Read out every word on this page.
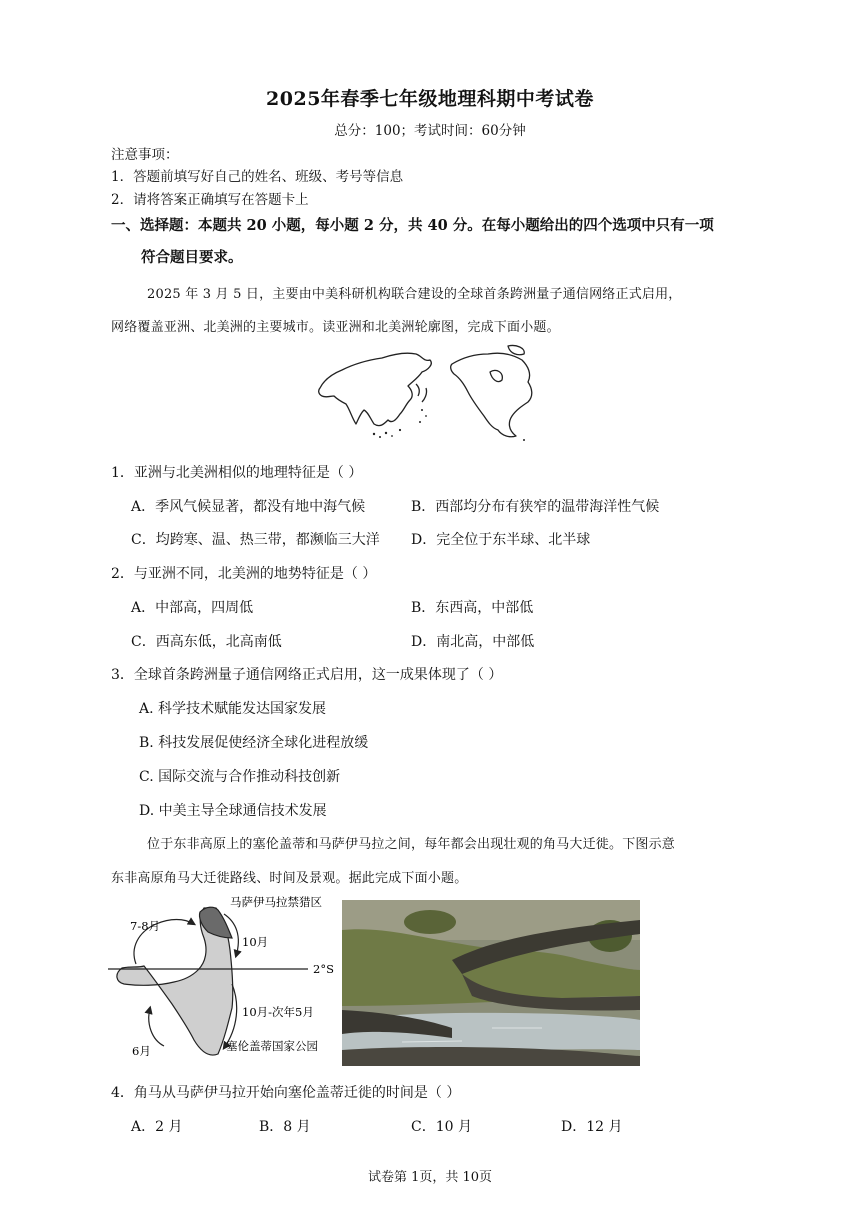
2025年春季七年级地理科期中考试卷
总分：100；考试时间：60分钟
注意事项：
1．答题前填写好自己的姓名、班级、考号等信息
2．请将答案正确填写在答题卡上
一、选择题：本题共 20 小题，每小题 2 分，共 40 分。在每小题给出的四个选项中只有一项
符合题目要求。
2025 年 3 月 5 日，主要由中美科研机构联合建设的全球首条跨洲量子通信网络正式启用，
网络覆盖亚洲、北美洲的主要城市。读亚洲和北美洲轮廓图，完成下面小题。
1．亚洲与北美洲相似的地理特征是（ ）
A．季风气候显著，都没有地中海气候	B．西部均分布有狭窄的温带海洋性气候
C．均跨寒、温、热三带，都濒临三大洋 D．完全位于东半球、北半球
2．与亚洲不同，北美洲的地势特征是（ ）
A．中部高，四周低	B．东西高，中部低
C．西高东低，北高南低	D．南北高，中部低
3．全球首条跨洲量子通信网络正式启用，这一成果体现了（ ）
A. 科学技术赋能发达国家发展
B. 科技发展促使经济全球化进程放缓
C. 国际交流与合作推动科技创新
D. 中美主导全球通信技术发展
位于东非高原上的塞伦盖蒂和马萨伊马拉之间，每年都会出现壮观的角马大迁徙。下图示意
东非高原角马大迁徙路线、时间及景观。据此完成下面小题。
马萨伊马拉禁猎区
7-8月
10月
2°S
10月-次年5月
6月	塞伦盖蒂国家公园
4．角马从马萨伊马拉开始向塞伦盖蒂迁徙的时间是（ ）
A．2 月	B．8 月	C．10 月	D．12 月
试卷第 1页，共 10页
